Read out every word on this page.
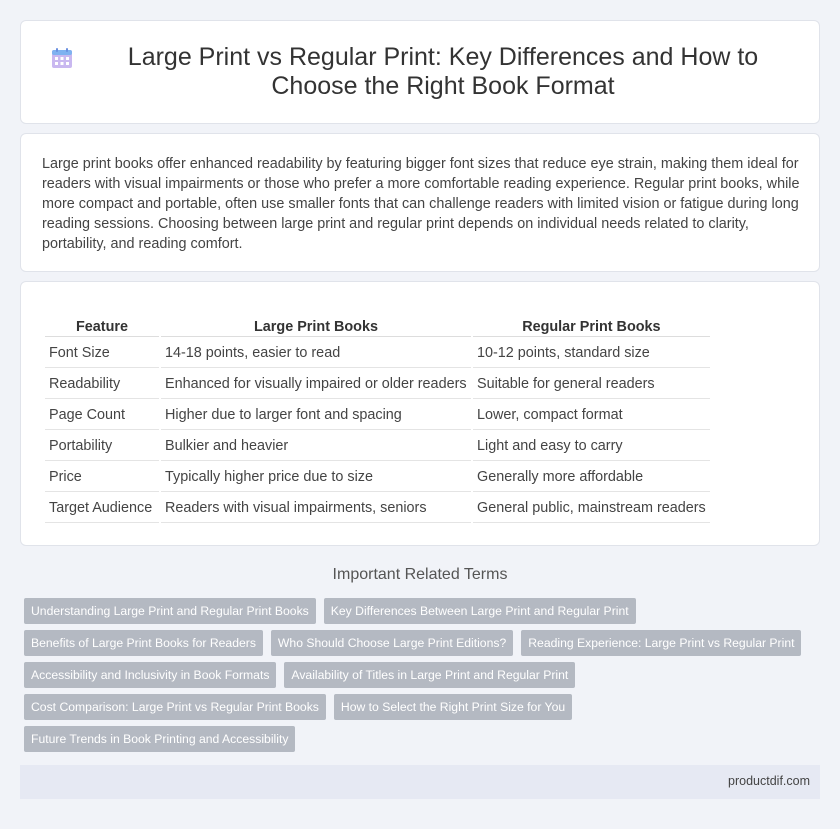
Large Print vs Regular Print: Key Differences and How to Choose the Right Book Format

Large print books offer enhanced readability by featuring bigger font sizes that reduce eye strain, making them ideal for readers with visual impairments or those who prefer a more comfortable reading experience. Regular print books, while more compact and portable, often use smaller fonts that can challenge readers with limited vision or fatigue during long reading sessions. Choosing between large print and regular print depends on individual needs related to clarity, portability, and reading comfort.

Feature	Large Print Books	Regular Print Books
Font Size	14-18 points, easier to read	10-12 points, standard size
Readability	Enhanced for visually impaired or older readers	Suitable for general readers
Page Count	Higher due to larger font and spacing	Lower, compact format
Portability	Bulkier and heavier	Light and easy to carry
Price	Typically higher price due to size	Generally more affordable
Target Audience	Readers with visual impairments, seniors	General public, mainstream readers
Important Related Terms
Understanding Large Print and Regular Print Books	Key Differences Between Large Print and Regular Print
Benefits of Large Print Books for Readers	Who Should Choose Large Print Editions?	Reading Experience: Large Print vs Regular Print
Accessibility and Inclusivity in Book Formats	Availability of Titles in Large Print and Regular Print
Cost Comparison: Large Print vs Regular Print Books	How to Select the Right Print Size for You
Future Trends in Book Printing and Accessibility
productdif.com
